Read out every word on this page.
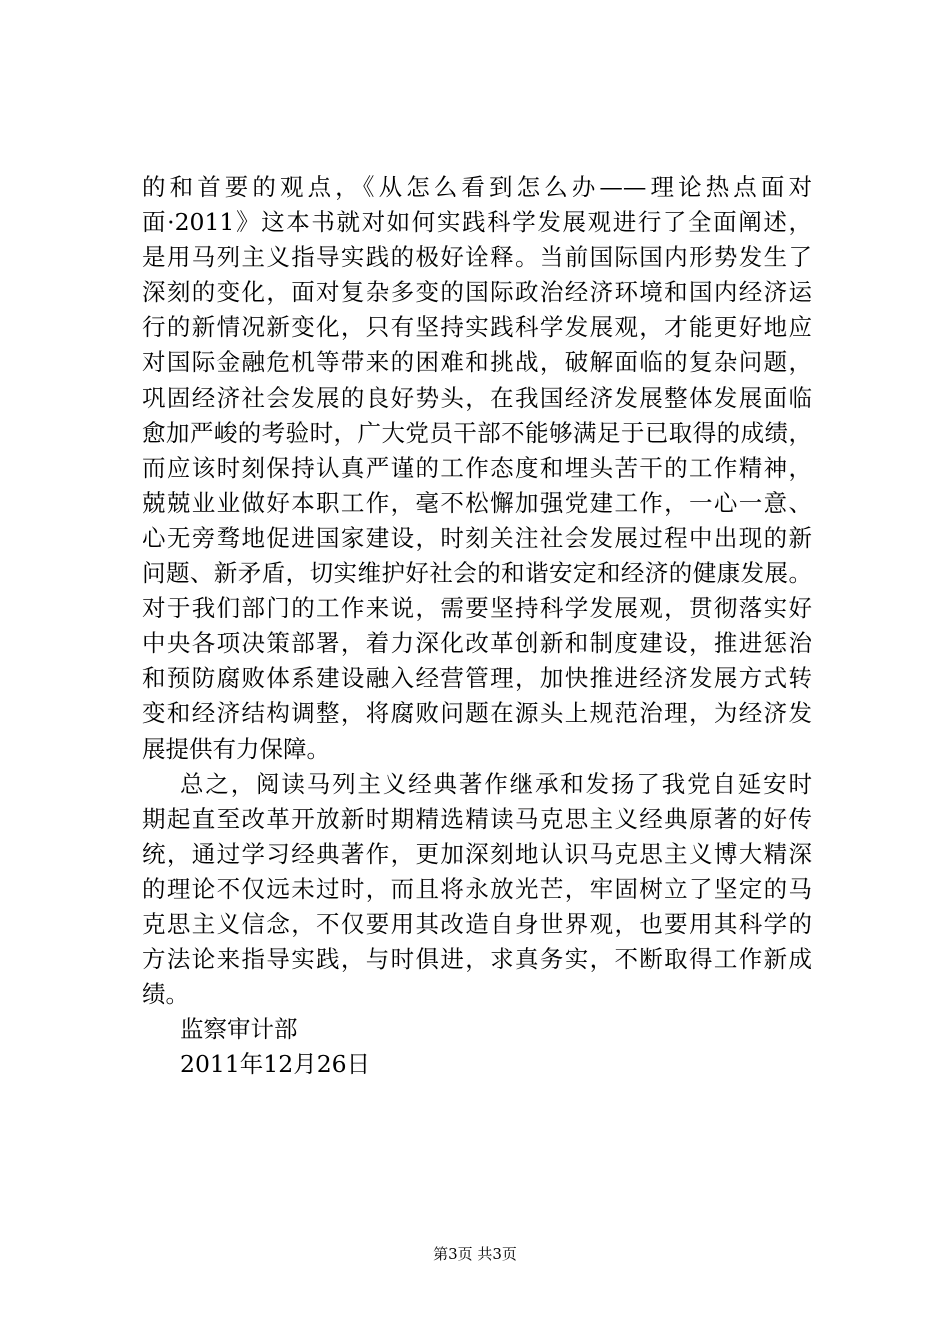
的和首要的观点，《从怎么看到怎么办——理论热点面对
面·2011》这本书就对如何实践科学发展观进行了全面阐述，
是用马列主义指导实践的极好诠释。当前国际国内形势发生了
深刻的变化，面对复杂多变的国际政治经济环境和国内经济运
行的新情况新变化，只有坚持实践科学发展观，才能更好地应
对国际金融危机等带来的困难和挑战，破解面临的复杂问题，
巩固经济社会发展的良好势头，在我国经济发展整体发展面临
愈加严峻的考验时，广大党员干部不能够满足于已取得的成绩，
而应该时刻保持认真严谨的工作态度和埋头苦干的工作精神，
兢兢业业做好本职工作，毫不松懈加强党建工作，一心一意、
心无旁骛地促进国家建设，时刻关注社会发展过程中出现的新
问题、新矛盾，切实维护好社会的和谐安定和经济的健康发展。
对于我们部门的工作来说，需要坚持科学发展观，贯彻落实好
中央各项决策部署，着力深化改革创新和制度建设，推进惩治
和预防腐败体系建设融入经营管理，加快推进经济发展方式转
变和经济结构调整，将腐败问题在源头上规范治理，为经济发
展提供有力保障。
总之，阅读马列主义经典著作继承和发扬了我党自延安时
期起直至改革开放新时期精选精读马克思主义经典原著的好传
统，通过学习经典著作，更加深刻地认识马克思主义博大精深
的理论不仅远未过时，而且将永放光芒，牢固树立了坚定的马
克思主义信念，不仅要用其改造自身世界观，也要用其科学的
方法论来指导实践，与时俱进，求真务实，不断取得工作新成
绩。
监察审计部
2011年12月26日
第3页 共3页
